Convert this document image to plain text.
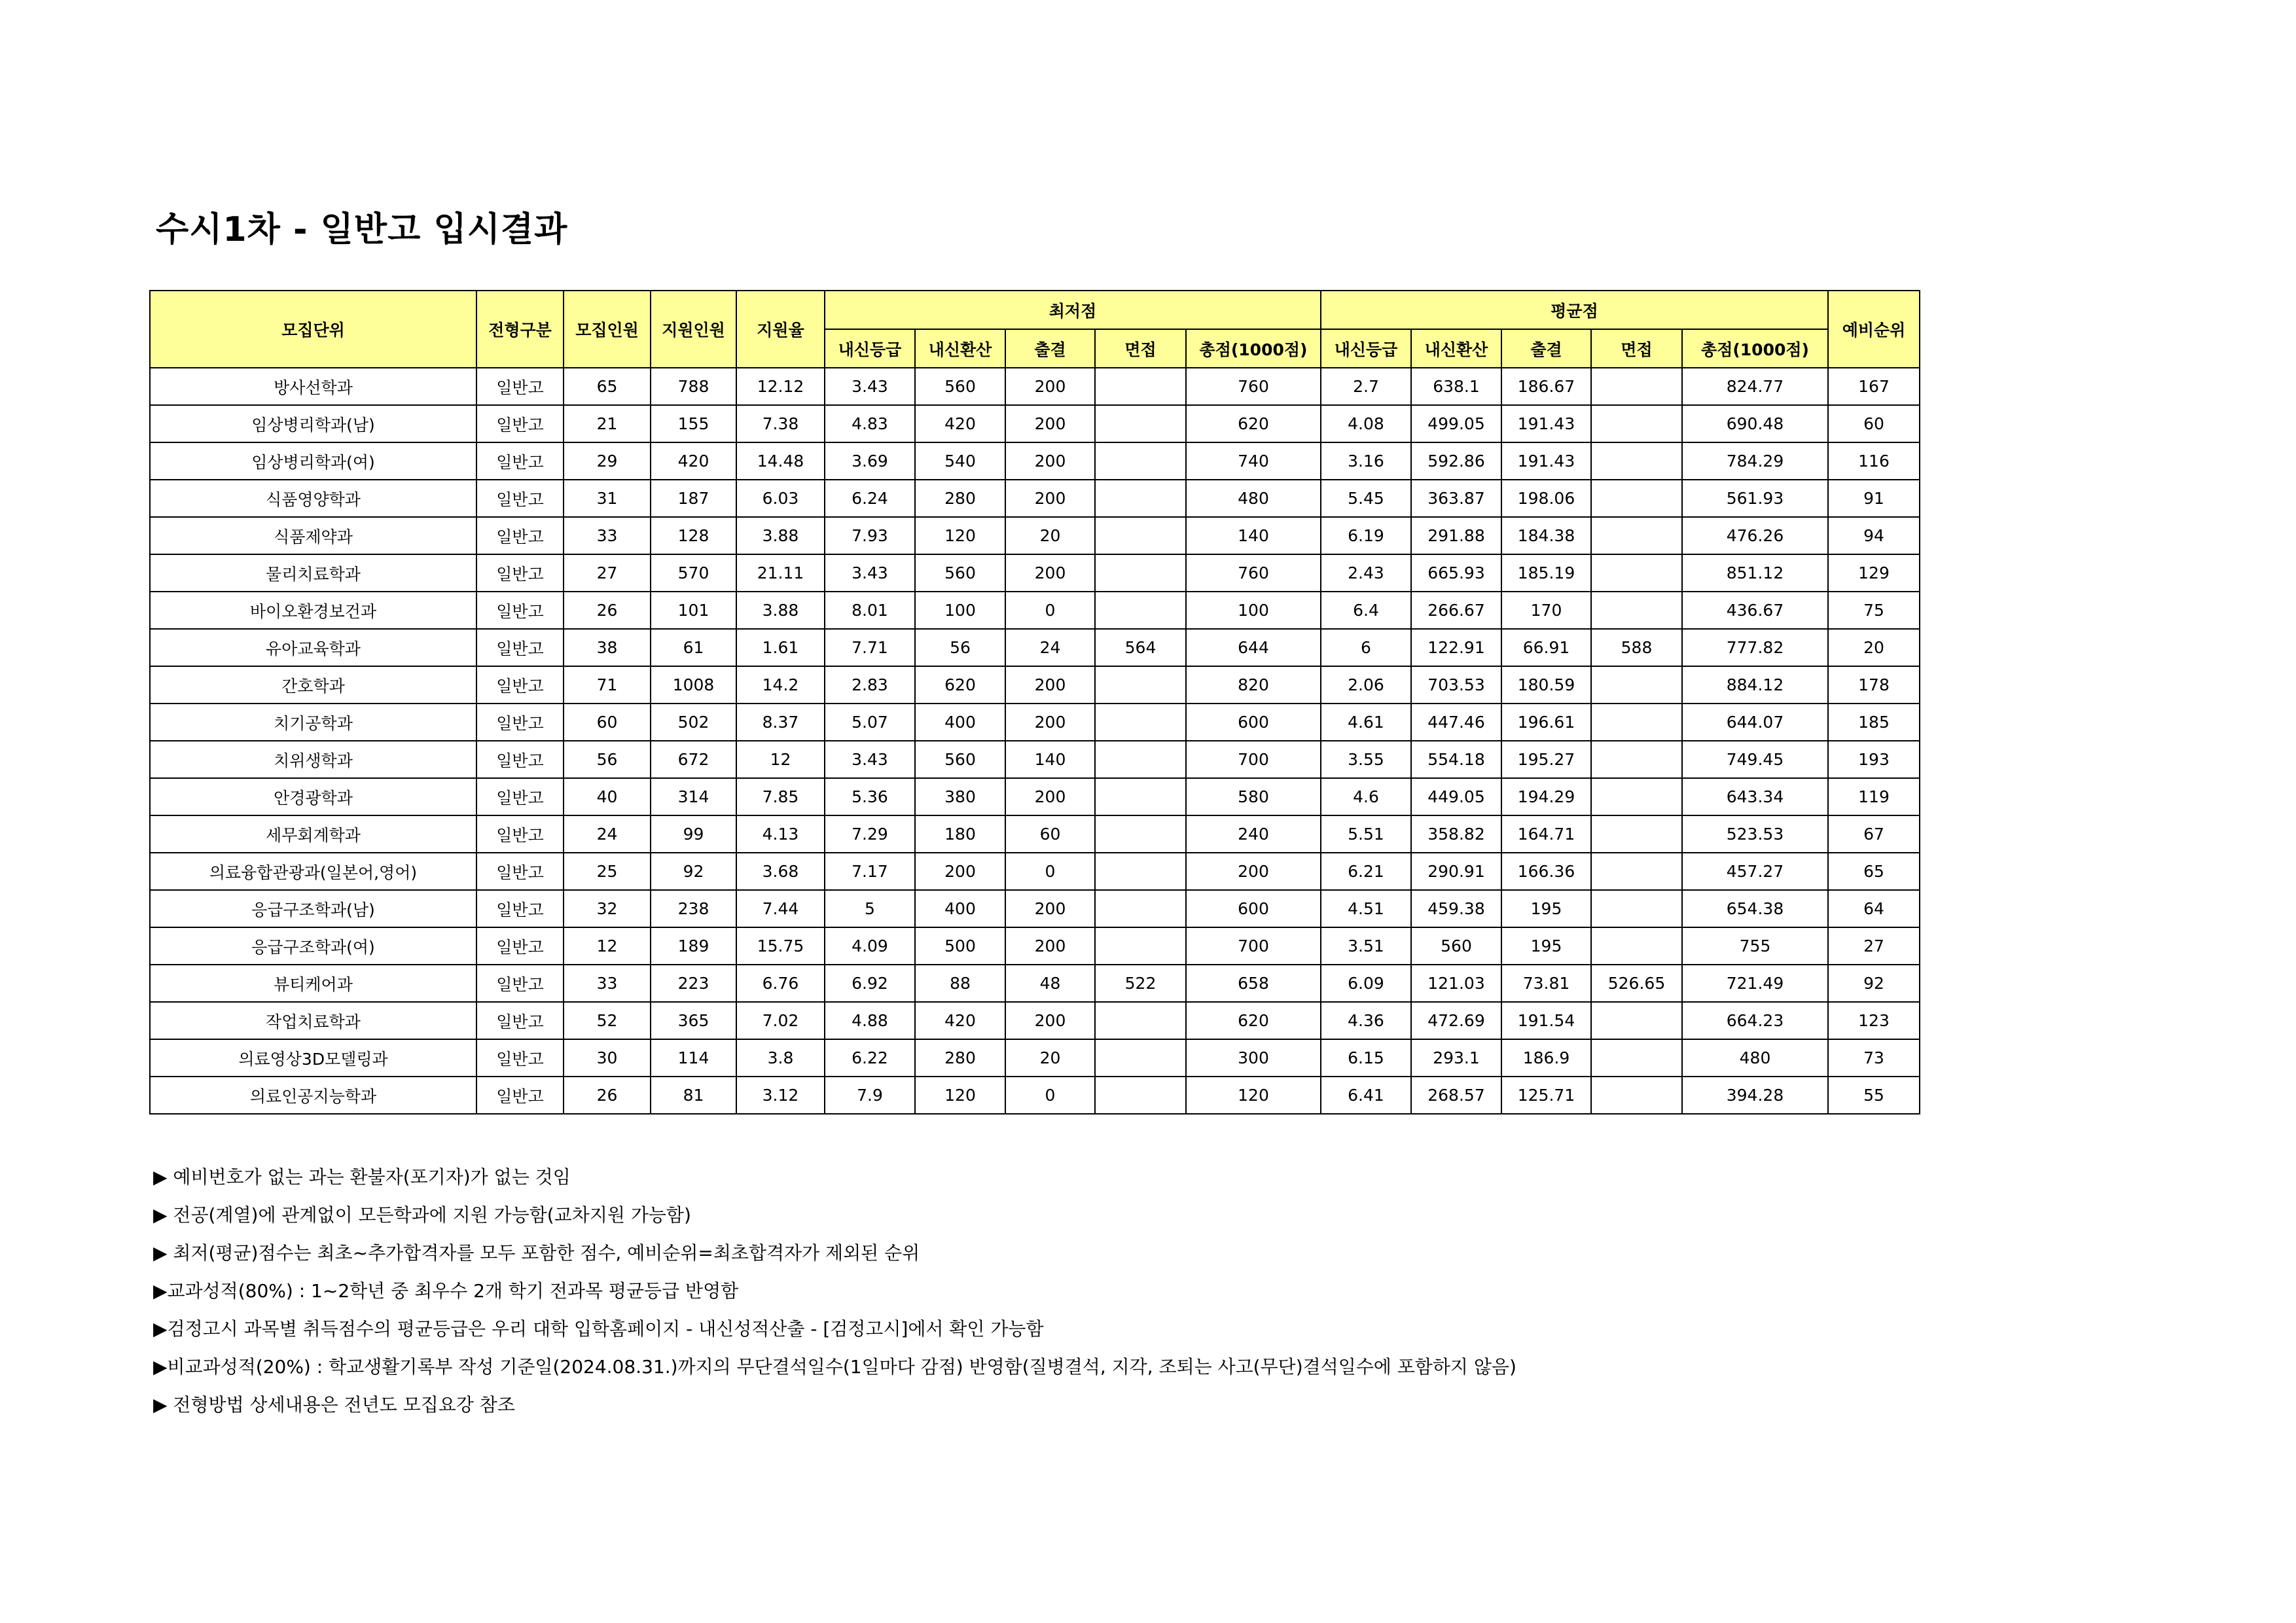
수시1차 - 일반고 입시결과
모집단위	전형구분	모집인원	지원인원	지원율	최저점					평균점					예비순위
					내신등급	내신환산	출결	면접	총점(1000점)	내신등급	내신환산	출결	면접	총점(1000점)	
방사선학과	일반고	65	788	12.12	3.43	560	200		760	2.7	638.1	186.67		824.77	167
임상병리학과(남)	일반고	21	155	7.38	4.83	420	200		620	4.08	499.05	191.43		690.48	60
임상병리학과(여)	일반고	29	420	14.48	3.69	540	200		740	3.16	592.86	191.43		784.29	116
식품영양학과	일반고	31	187	6.03	6.24	280	200		480	5.45	363.87	198.06		561.93	91
식품제약과	일반고	33	128	3.88	7.93	120	20		140	6.19	291.88	184.38		476.26	94
물리치료학과	일반고	27	570	21.11	3.43	560	200		760	2.43	665.93	185.19		851.12	129
바이오환경보건과	일반고	26	101	3.88	8.01	100	0		100	6.4	266.67	170		436.67	75
유아교육학과	일반고	38	61	1.61	7.71	56	24	564	644	6	122.91	66.91	588	777.82	20
간호학과	일반고	71	1008	14.2	2.83	620	200		820	2.06	703.53	180.59		884.12	178
치기공학과	일반고	60	502	8.37	5.07	400	200		600	4.61	447.46	196.61		644.07	185
치위생학과	일반고	56	672	12	3.43	560	140		700	3.55	554.18	195.27		749.45	193
안경광학과	일반고	40	314	7.85	5.36	380	200		580	4.6	449.05	194.29		643.34	119
세무회계학과	일반고	24	99	4.13	7.29	180	60		240	5.51	358.82	164.71		523.53	67
의료융합관광과(일본어,영어)	일반고	25	92	3.68	7.17	200	0		200	6.21	290.91	166.36		457.27	65
응급구조학과(남)	일반고	32	238	7.44	5	400	200		600	4.51	459.38	195		654.38	64
응급구조학과(여)	일반고	12	189	15.75	4.09	500	200		700	3.51	560	195		755	27
뷰티케어과	일반고	33	223	6.76	6.92	88	48	522	658	6.09	121.03	73.81	526.65	721.49	92
작업치료학과	일반고	52	365	7.02	4.88	420	200		620	4.36	472.69	191.54		664.23	123
의료영상3D모델링과	일반고	30	114	3.8	6.22	280	20		300	6.15	293.1	186.9		480	73
의료인공지능학과	일반고	26	81	3.12	7.9	120	0		120	6.41	268.57	125.71		394.28	55
▶ 예비번호가 없는 과는 환불자(포기자)가 없는 것임
▶ 전공(계열)에 관계없이 모든학과에 지원 가능함(교차지원 가능함)
▶ 최저(평균)점수는 최초~추가합격자를 모두 포함한 점수, 예비순위=최초합격자가 제외된 순위
▶교과성적(80%) : 1~2학년 중 최우수 2개 학기 전과목 평균등급 반영함
▶검정고시 과목별 취득점수의 평균등급은 우리 대학 입학홈페이지 - 내신성적산출 - [검정고시]에서 확인 가능함
▶비교과성적(20%) : 학교생활기록부 작성 기준일(2024.08.31.)까지의 무단결석일수(1일마다 감점) 반영함(질병결석, 지각, 조퇴는 사고(무단)결석일수에 포함하지 않음)
▶ 전형방법 상세내용은 전년도 모집요강 참조
